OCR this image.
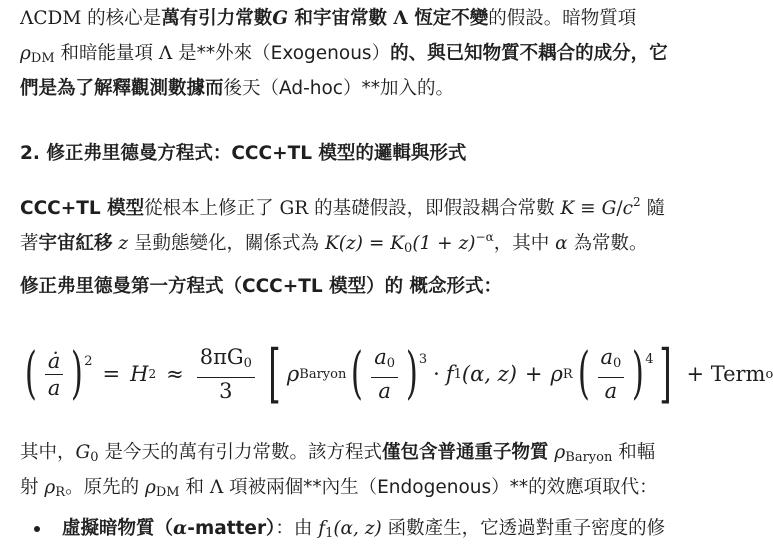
ΛCDM 的核心是萬有引力常數G 和宇宙常數 Λ 恆定不變的假設。暗物質項
$\rho_{DM}$ 和暗能量項 Λ 是**外來（Exogenous）的、與已知物質不耦合的成分，它
們是為了解釋觀測數據而後天（Ad-hoc）**加入的。
2. 修正弗里德曼方程式：CCC+TL 模型的邏輯與形式
CCC+TL 模型從根本上修正了 GR 的基礎假設，即假設耦合常數 $K \equiv G/c^2$ 隨
著宇宙紅移 z 呈動態變化，關係式為 $K(z) = K_0(1 + z)^{-\alpha}$，其中 α 為常數。
修正弗里德曼第一方程式（CCC+TL 模型）的 概念形式：
( $\frac{ȧ}{a}$ ) 2
= H $2 \approx \frac{8\pi G_0}{3}$ [ ρ Baryon ( $\frac{a_0}{a}$ ) 3
· f 1 (α, z) + ρ R ( $\frac{a_0}{a}$ ) 4 ] + Term o
其中，$G_0$ 是今天的萬有引力常數。該方程式僅包含普通重子物質 $\rho_{Baryon}$ 和輻
射 $\rho_R$。原先的 $\rho_{DM}$ 和 Λ 項被兩個**內生（Endogenous）**的效應項取代：
虛擬暗物質（α-matter）：由 $f_1(\alpha$, z) 函數產生，它透過對重子密度的修
